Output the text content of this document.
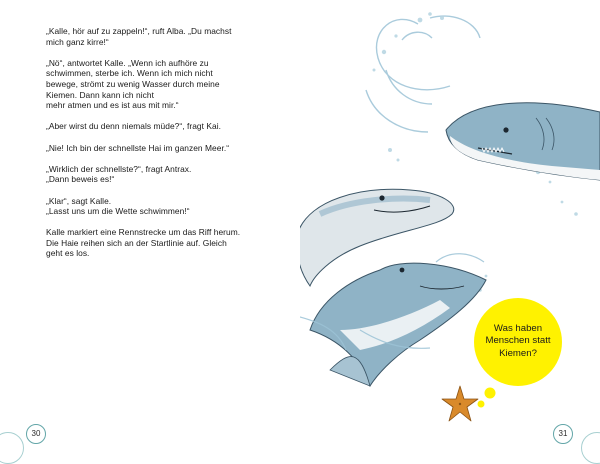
„Kalle, hör auf zu zappeln!“, ruft Alba. „Du machst
mich ganz kirre!“

„Nö“, antwortet Kalle. „Wenn ich aufhöre zu
schwimmen, sterbe ich. Wenn ich mich nicht
bewege, strömt zu wenig Wasser durch meine
Kiemen. Dann kann ich nicht
mehr atmen und es ist aus mit mir.“

„Aber wirst du denn niemals müde?“, fragt Kai.

„Nie! Ich bin der schnellste Hai im ganzen Meer.“

„Wirklich der schnellste?“, fragt Antrax.
„Dann beweis es!“

„Klar“, sagt Kalle.
„Lasst uns um die Wette schwimmen!“

Kalle markiert eine Rennstrecke um das Riff herum.
Die Haie reihen sich an der Startlinie auf. Gleich
geht es los.

30
Was haben
Menschen statt
Kiemen?
31
